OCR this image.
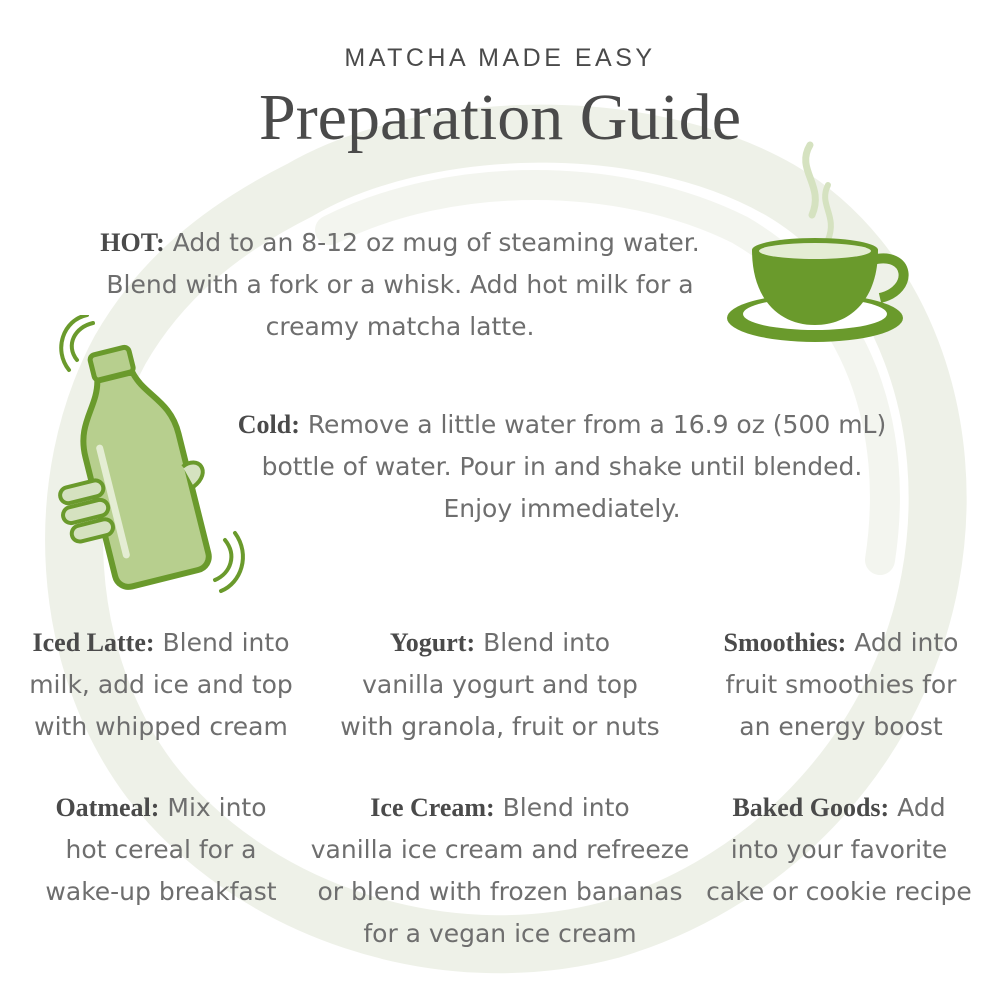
MATCHA MADE EASY
Preparation Guide
HOT: Add to an 8-12 oz mug of steaming water.
Blend with a fork or a whisk. Add hot milk for a
creamy matcha latte.
Cold: Remove a little water from a 16.9 oz (500 mL)
bottle of water. Pour in and shake until blended.
Enjoy immediately.
Iced Latte: Blend into
milk, add ice and top
with whipped cream
Yogurt: Blend into
vanilla yogurt and top
with granola, fruit or nuts
Smoothies: Add into
fruit smoothies for
an energy boost
Oatmeal: Mix into
hot cereal for a
wake-up breakfast
Ice Cream: Blend into
vanilla ice cream and refreeze
or blend with frozen bananas
for a vegan ice cream
Baked Goods: Add
into your favorite
cake or cookie recipe
